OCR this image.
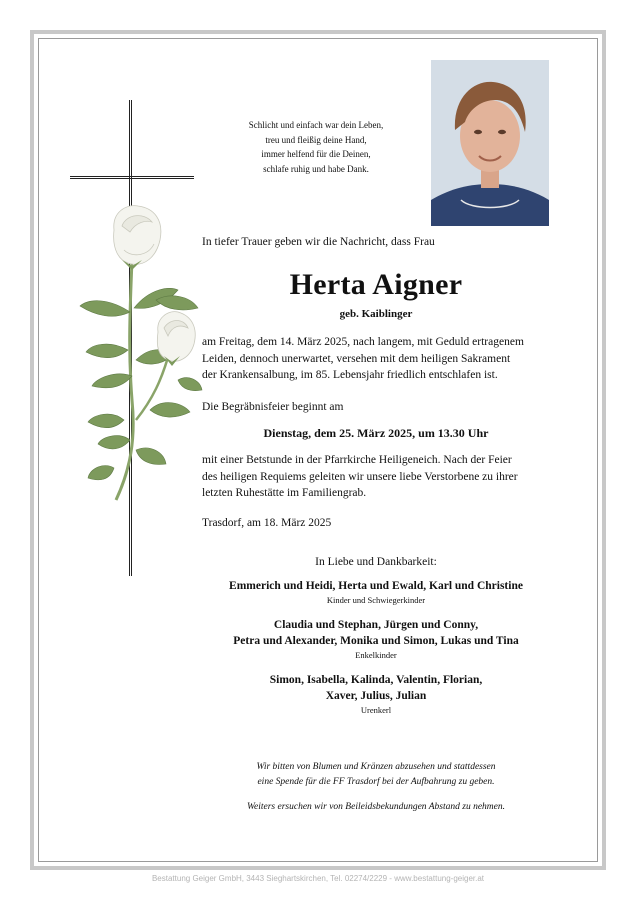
Schlicht und einfach war dein Leben,
treu und fleißig deine Hand,
immer helfend für die Deinen,
schlafe ruhig und habe Dank.
In tiefer Trauer geben wir die Nachricht, dass Frau
Herta Aigner
geb. Kaiblinger
am Freitag, dem 14. März 2025, nach langem, mit Geduld ertragenem
Leiden, dennoch unerwartet, versehen mit dem heiligen Sakrament
der Krankensalbung, im 85. Lebensjahr friedlich entschlafen ist.
Die Begräbnisfeier beginnt am
Dienstag, dem 25. März 2025, um 13.30 Uhr
mit einer Betstunde in der Pfarrkirche Heiligeneich. Nach der Feier
des heiligen Requiems geleiten wir unsere liebe Verstorbene zu ihrer
letzten Ruhestätte im Familiengrab.
Trasdorf, am 18. März 2025
In Liebe und Dankbarkeit:
Emmerich und Heidi, Herta und Ewald, Karl und Christine
Kinder und Schwiegerkinder
Claudia und Stephan, Jürgen und Conny,
Petra und Alexander, Monika und Simon, Lukas und Tina
Enkelkinder
Simon, Isabella, Kalinda, Valentin, Florian,
Xaver, Julius, Julian
Urenkerl
Wir bitten von Blumen und Kränzen abzusehen und stattdessen
eine Spende für die FF Trasdorf bei der Aufbahrung zu geben.
Weiters ersuchen wir von Beileidsbekundungen Abstand zu nehmen.
Bestattung Geiger GmbH, 3443 Sieghartskirchen, Tel. 02274/2229 - www.bestattung-geiger.at
